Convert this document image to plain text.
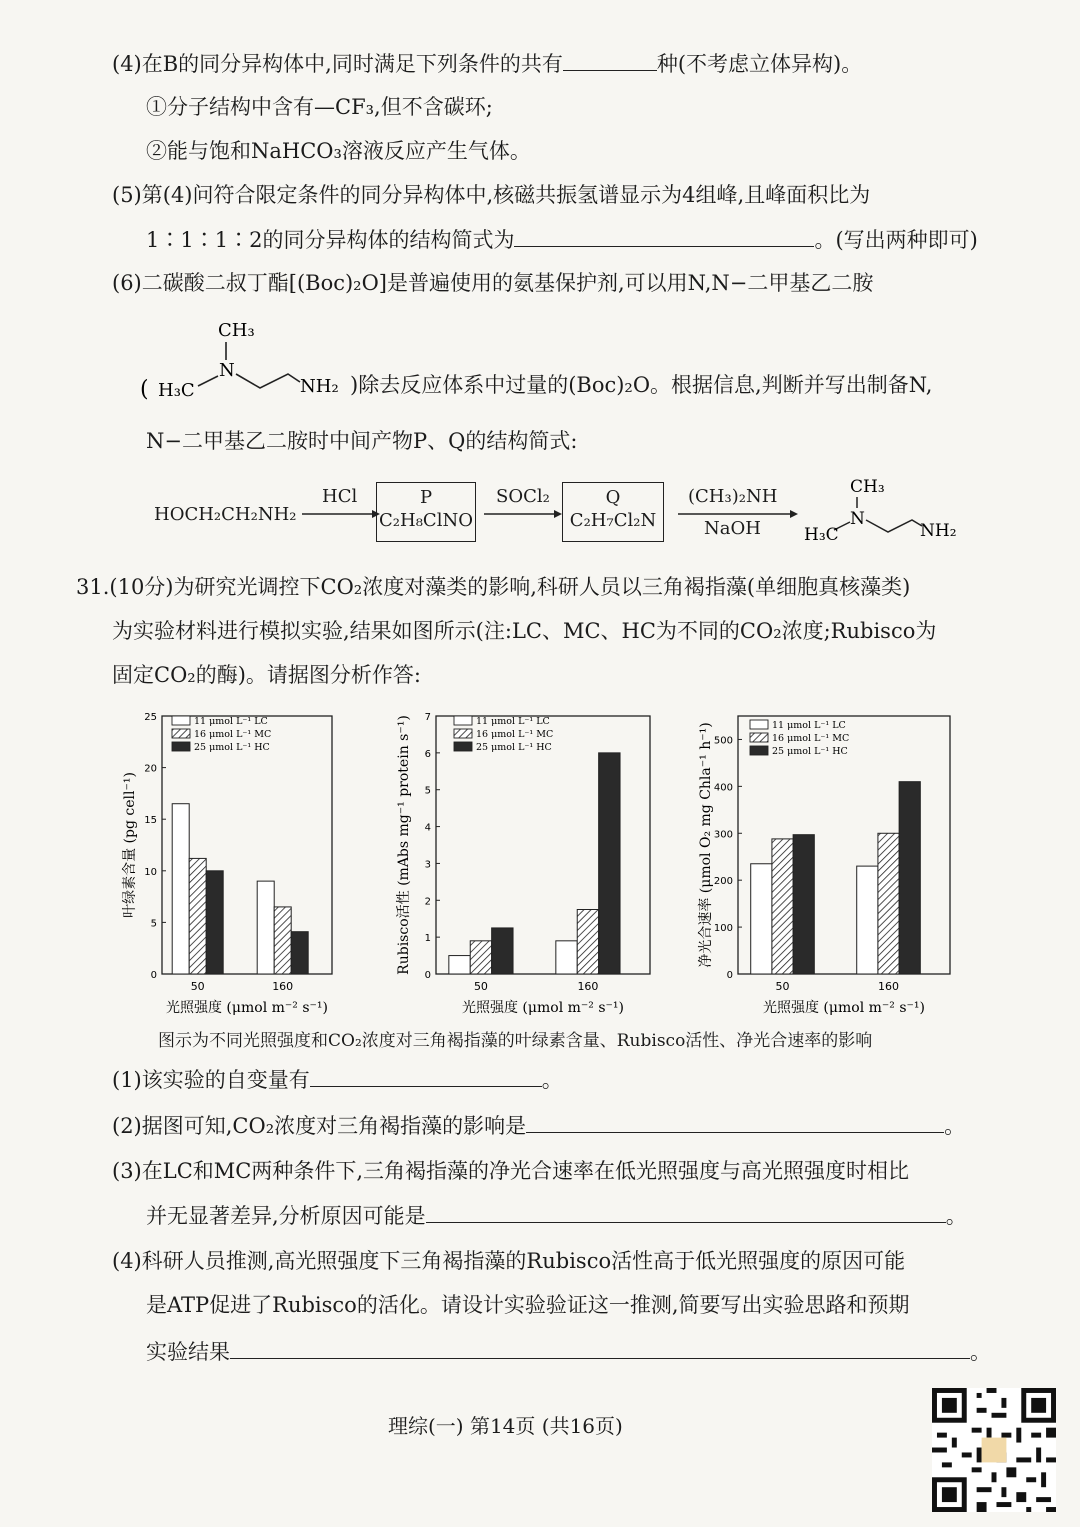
(4)在B的同分异构体中,同时满足下列条件的共有	种(不考虑立体异构)。
①分子结构中含有—CF₃,但不含碳环;
②能与饱和NaHCO₃溶液反应产生气体。
(5)第(4)问符合限定条件的同分异构体中,核磁共振氢谱显示为4组峰,且峰面积比为
1∶1∶1∶2的同分异构体的结构简式为	。(写出两种即可)
(6)二碳酸二叔丁酯[(Boc)₂O]是普遍使用的氨基保护剂,可以用N,N−二甲基乙二胺
(
CH₃
N
H₃C	NH₂ )除去反应体系中过量的(Boc)₂O。根据信息,判断并写出制备N,
N−二甲基乙二胺时中间产物P、Q的结构简式:
HOCH₂CH₂NH₂
HCl	P
C₂H₈ClNO
SOCl₂	Q
C₂H₇Cl₂N
(CH₃)₂NH
NaOH
CH₃
N
H₃C	NH₂
31.(10分)为研究光调控下CO₂浓度对藻类的影响,科研人员以三角褐指藻(单细胞真核藻类)
为实验材料进行模拟实验,结果如图所示(注:LC、MC、HC为不同的CO₂浓度;Rubisco为
固定CO₂的酶)。请据图分析作答:
0
5
10
15
20
25
50	160
11 μmol L⁻¹ LC
16 μmol L⁻¹ MC
25 μmol L⁻¹ HC
叶绿素含量 (pg cell⁻¹)
光照强度 (μmol m⁻² s⁻¹)
0
1
2
3
4
5
6
7
50	160
11 μmol L⁻¹ LC
16 μmol L⁻¹ MC
25 μmol L⁻¹ HC
Rubisco活性 (mAbs mg⁻¹ protein s⁻¹)
光照强度 (μmol m⁻² s⁻¹)
0
100
200
300
400
500
50	160
11 μmol L⁻¹ LC
16 μmol L⁻¹ MC
25 μmol L⁻¹ HC
净光合速率 (μmol O₂ mg Chla⁻¹ h⁻¹)
光照强度 (μmol m⁻² s⁻¹)
图示为不同光照强度和CO₂浓度对三角褐指藻的叶绿素含量、Rubisco活性、净光合速率的影响
(1)该实验的自变量有	。
(2)据图可知,CO₂浓度对三角褐指藻的影响是	。
(3)在LC和MC两种条件下,三角褐指藻的净光合速率在低光照强度与高光照强度时相比
并无显著差异,分析原因可能是	。
(4)科研人员推测,高光照强度下三角褐指藻的Rubisco活性高于低光照强度的原因可能
是ATP促进了Rubisco的活化。请设计实验验证这一推测,简要写出实验思路和预期
实验结果	。
理综(一) 第14页 (共16页)
